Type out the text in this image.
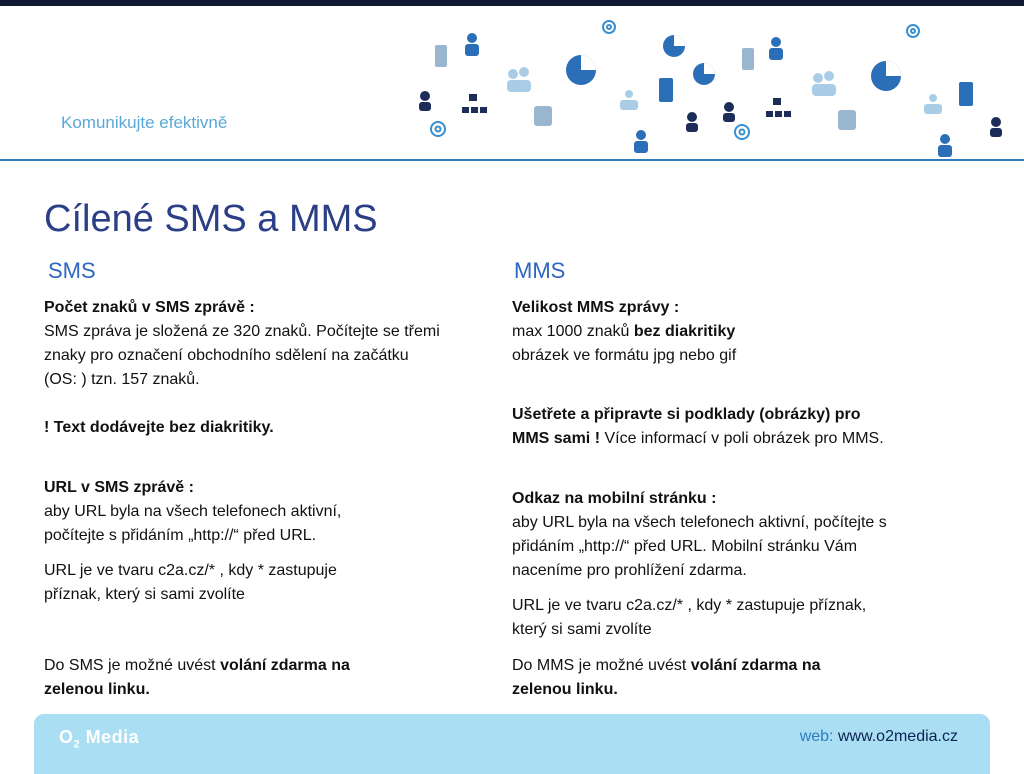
Komunikujte efektivně
Cílené SMS a MMS
SMS	MMS

Počet znaků v SMS zprávě :

SMS zpráva je složená ze 320 znaků. Počítejte se třemi znaky pro označení obchodního sdělení na začátku (OS: ) tzn. 157 znaků.

! Text dodávejte bez diakritiky.

URL v SMS zprávě :

aby URL byla na všech telefonech aktivní, počítejte s přidáním „http://“ před URL.

URL je ve tvaru c2a.cz/* , kdy * zastupuje příznak, který si sami zvolíte

Do SMS je možné uvést volání zdarma na zelenou linku.

Velikost MMS zprávy :

max 1000 znaků bez diakritiky

obrázek ve formátu jpg nebo gif

Ušetřete a připravte si podklady (obrázky) pro MMS sami ! Více informací v poli obrázek pro MMS.

Odkaz na mobilní stránku :

aby URL byla na všech telefonech aktivní, počítejte s přidáním „http://“ před URL. Mobilní stránku Vám naceníme pro prohlížení zdarma.

URL je ve tvaru c2a.cz/* , kdy * zastupuje příznak, který si sami zvolíte

Do MMS je možné uvést volání zdarma na zelenou linku.

$O_2$ Media	web: www.o2media.cz
